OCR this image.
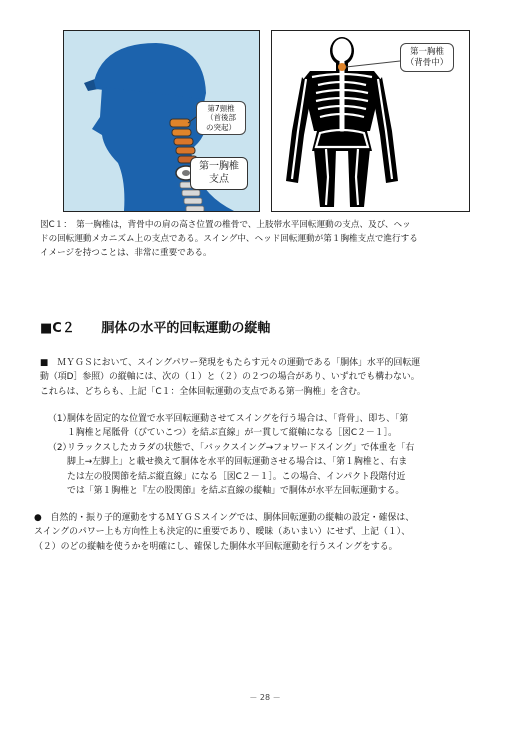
第7頸椎
（首後部
の突起）
第一胸椎
支点
第一胸椎
（背骨中）
図C１：　第一胸椎は，背骨中の肩の高さ位置の椎骨で、上肢帯水平回転運動の支点、及び、ヘッ
ドの回転運動メカニズム上の支点である。スイング中、ヘッド回転運動が第１胸椎支点で進行する
イメージを持つことは、非常に重要である。
■C２ 胴体の水平的回転運動の縦軸
■　ＭＹＧＳにおいて、スイングパワー発現をもたらす元々の運動である「胴体」水平的回転運
動（項D］参照）の縦軸には、次の（１）と（２）の２つの場合があり、いずれでも構わない。
これらは、どちらも、上記「C１：全体回転運動の支点である第一胸椎」を含む。
（1）
胴体を固定的な位置で水平回転運動させてスイングを行う場合は、「背骨」、即ち、「第
１胸椎と尾骶骨（びていこつ）を結ぶ直線」が一貫して縦軸になる［図C２－１］。
（2）
リラックスしたカラダの状態で、「バックスイング→フォワードスイング」で体重を「右
脚上→左脚上」と載せ換えて胴体を水平的回転運動させる場合は、「第１胸椎と、右ま
たは左の股関節を結ぶ縦直線」になる［図C２－１］。この場合、インパクト段階付近
では「第１胸椎と『左の股関節』を結ぶ直線の縦軸」で胴体が水平左回転運動する。
●　自然的・振り子的運動をするＭＹＧＳスイングでは、胴体回転運動の縦軸の設定・確保は、
スイングのパワー上も方向性上も決定的に重要であり、曖昧（あいまい）にせず、上記（１）、
（２）のどの縦軸を使うかを明確にし、確保した胴体水平回転運動を行うスイングをする。
－ 28 －
